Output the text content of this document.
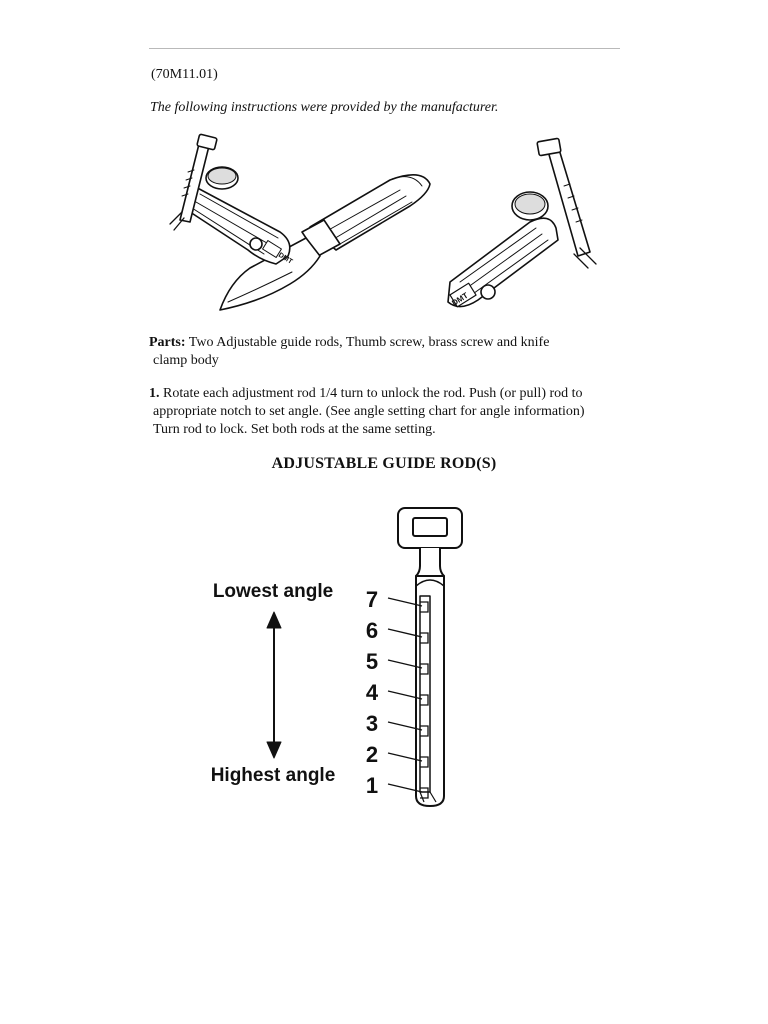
(70M11.01)
The following instructions were provided by the manufacturer.
DMT
DMT
Parts: Two Adjustable guide rods, Thumb screw, brass screw and knife
clamp body
1. Rotate each adjustment rod 1/4 turn to unlock the rod. Push (or pull) rod to
appropriate notch to set angle. (See angle setting chart for angle information)
Turn rod to lock. Set both rods at the same setting.
ADJUSTABLE GUIDE ROD(S)
7
6
5
4
3
2
1
Lowest angle
Highest angle
